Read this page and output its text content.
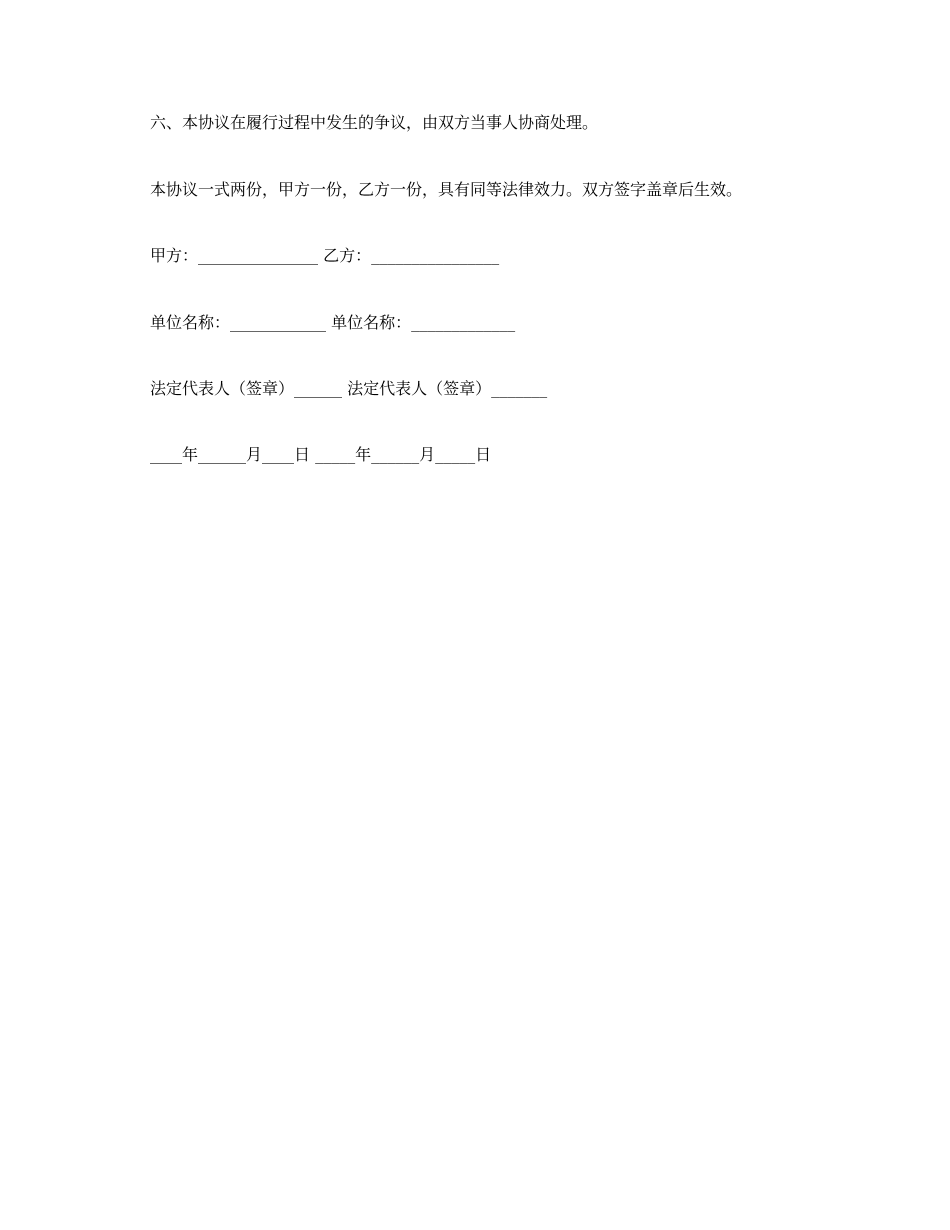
六、本协议在履行过程中发生的争议，由双方当事人协商处理。
本协议一式两份，甲方一份，乙方一份，具有同等法律效力。双方签字盖章后生效。
甲方：_______________ 乙方：________________
单位名称：____________ 单位名称：_____________
法定代表人（签章）______ 法定代表人（签章）_______
____年______月____日 _____年______月_____日
